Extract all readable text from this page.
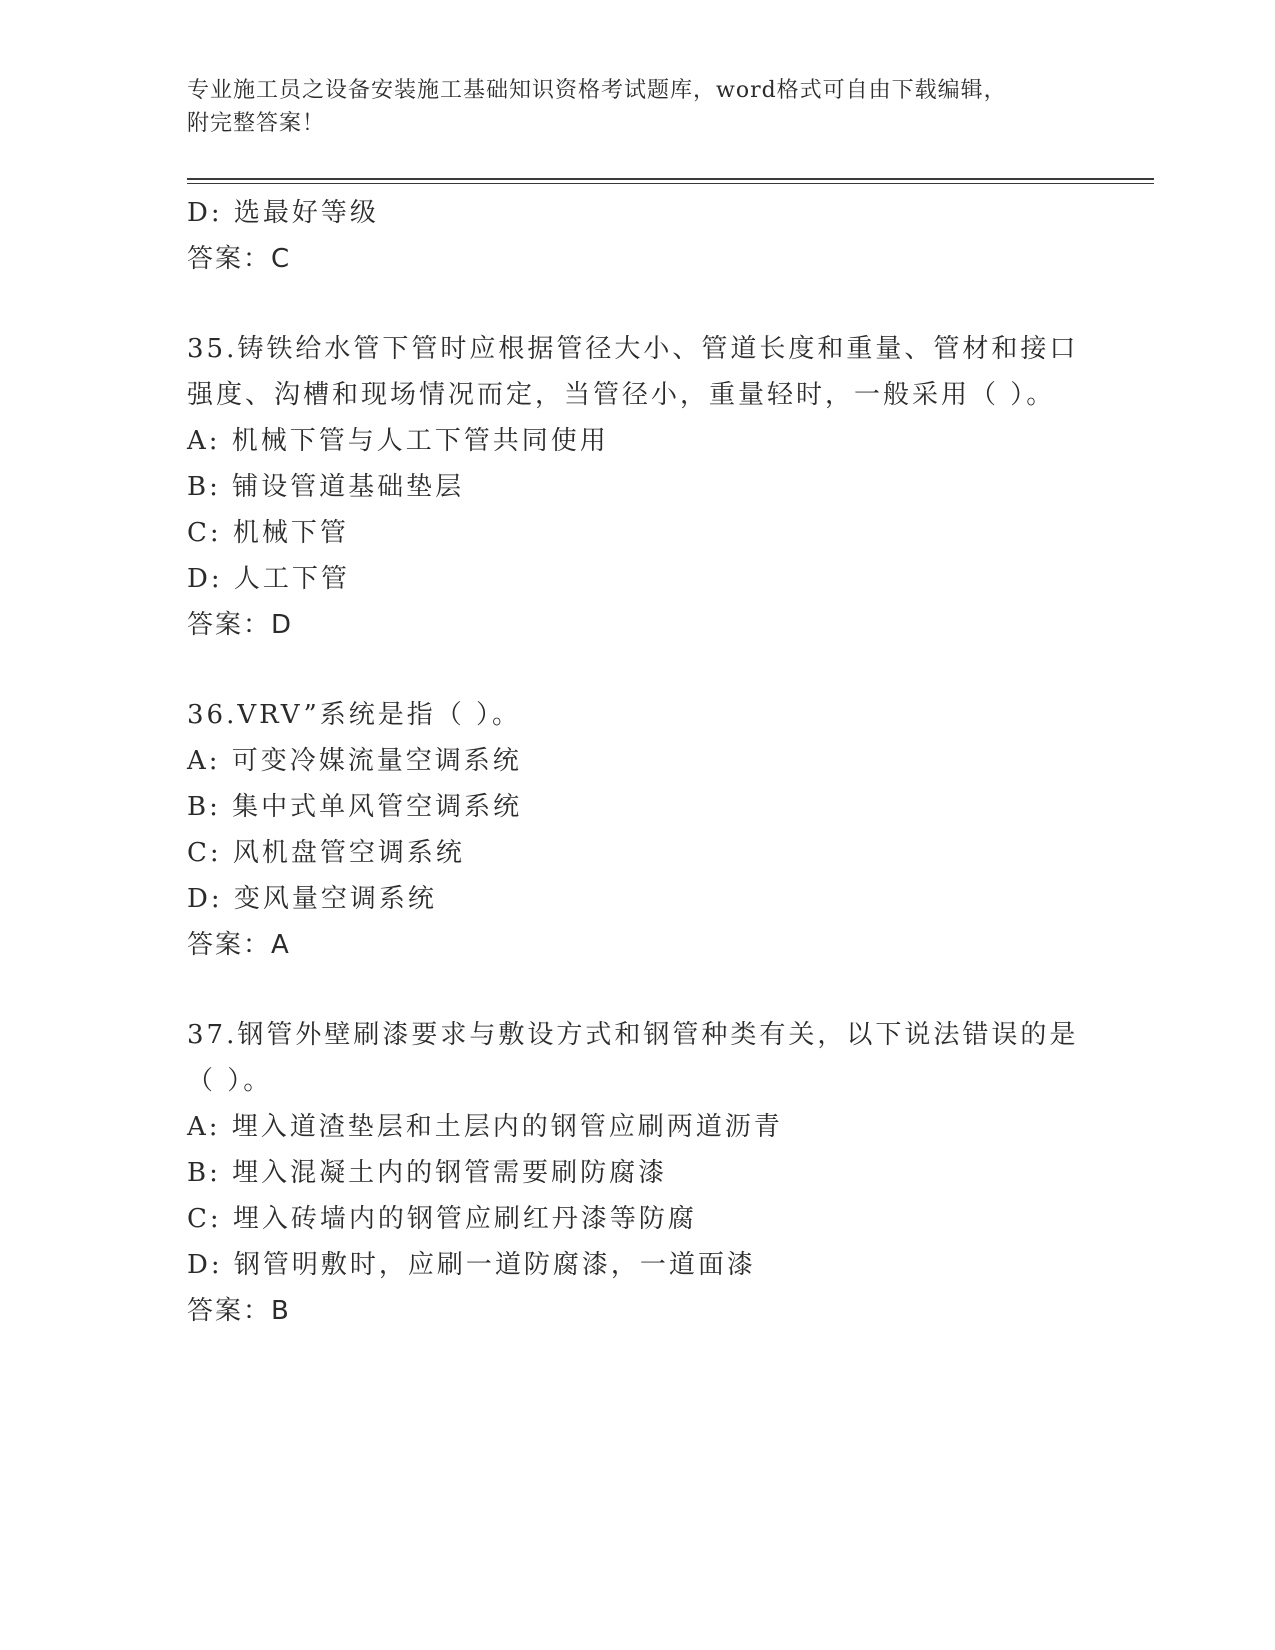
专业施工员之设备安装施工基础知识资格考试题库，word格式可自由下载编辑，
附完整答案！
D: 选最好等级
答案：C
35.铸铁给水管下管时应根据管径大小、管道长度和重量、管材和接口
强度、沟槽和现场情况而定，当管径小，重量轻时，一般采用（ ）。
A: 机械下管与人工下管共同使用
B: 铺设管道基础垫层
C: 机械下管
D: 人工下管
答案：D
36.VRV”系统是指（ ）。
A: 可变冷媒流量空调系统
B: 集中式单风管空调系统
C: 风机盘管空调系统
D: 变风量空调系统
答案：A
37.钢管外壁刷漆要求与敷设方式和钢管种类有关，以下说法错误的是
（ ）。
A: 埋入道渣垫层和土层内的钢管应刷两道沥青
B: 埋入混凝土内的钢管需要刷防腐漆
C: 埋入砖墙内的钢管应刷红丹漆等防腐
D: 钢管明敷时，应刷一道防腐漆，一道面漆
答案：B
